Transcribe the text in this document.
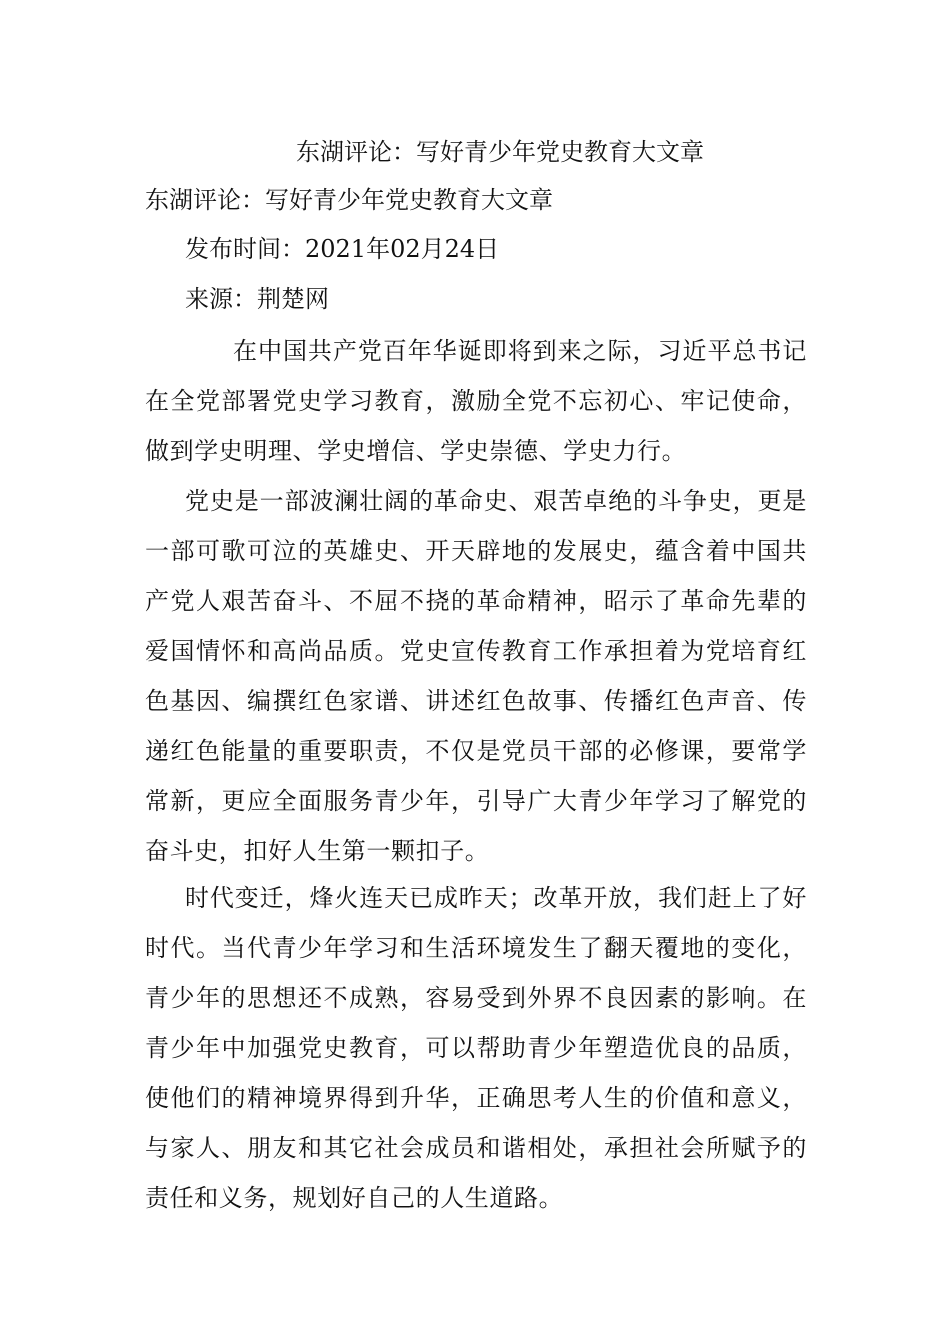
东湖评论：写好青少年党史教育大文章
东湖评论：写好青少年党史教育大文章
发布时间：2021年02月24日
来源：荆楚网

在中国共产党百年华诞即将到来之际，习近平总书记在全党部署党史学习教育，激励全党不忘初心、牢记使命，做到学史明理、学史增信、学史崇德、学史力行。

党史是一部波澜壮阔的革命史、艰苦卓绝的斗争史，更是一部可歌可泣的英雄史、开天辟地的发展史，蕴含着中国共产党人艰苦奋斗、不屈不挠的革命精神，昭示了革命先辈的爱国情怀和高尚品质。党史宣传教育工作承担着为党培育红色基因、编撰红色家谱、讲述红色故事、传播红色声音、传递红色能量的重要职责，不仅是党员干部的必修课，要常学常新，更应全面服务青少年，引导广大青少年学习了解党的奋斗史，扣好人生第一颗扣子。

时代变迁，烽火连天已成昨天；改革开放，我们赶上了好时代。当代青少年学习和生活环境发生了翻天覆地的变化，青少年的思想还不成熟，容易受到外界不良因素的影响。在青少年中加强党史教育，可以帮助青少年塑造优良的品质，使他们的精神境界得到升华，正确思考人生的价值和意义，与家人、朋友和其它社会成员和谐相处，承担社会所赋予的责任和义务，规划好自己的人生道路。
